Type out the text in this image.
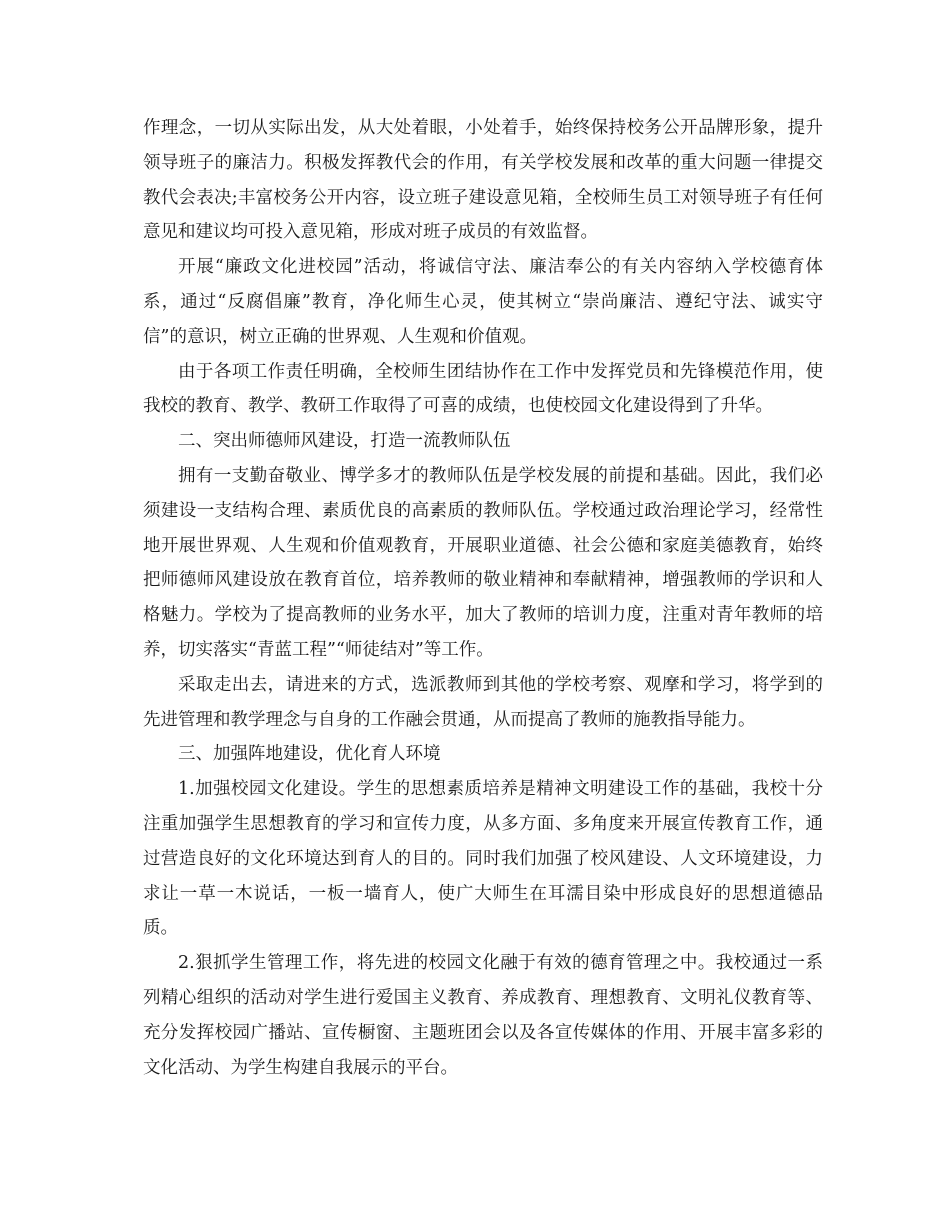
作理念，一切从实际出发，从大处着眼，小处着手，始终保持校务公开品牌形象，提升领导班子的廉洁力。积极发挥教代会的作用，有关学校发展和改革的重大问题一律提交教代会表决;丰富校务公开内容，设立班子建设意见箱，全校师生员工对领导班子有任何意见和建议均可投入意见箱，形成对班子成员的有效监督。

开展“廉政文化进校园”活动，将诚信守法、廉洁奉公的有关内容纳入学校德育体系，通过“反腐倡廉”教育，净化师生心灵，使其树立“崇尚廉洁、遵纪守法、诚实守信”的意识，树立正确的世界观、人生观和价值观。

由于各项工作责任明确，全校师生团结协作在工作中发挥党员和先锋模范作用，使我校的教育、教学、教研工作取得了可喜的成绩，也使校园文化建设得到了升华。

二、突出师德师风建设，打造一流教师队伍

拥有一支勤奋敬业、博学多才的教师队伍是学校发展的前提和基础。因此，我们必须建设一支结构合理、素质优良的高素质的教师队伍。学校通过政治理论学习，经常性地开展世界观、人生观和价值观教育，开展职业道德、社会公德和家庭美德教育，始终把师德师风建设放在教育首位，培养教师的敬业精神和奉献精神，增强教师的学识和人格魅力。学校为了提高教师的业务水平，加大了教师的培训力度，注重对青年教师的培养，切实落实“青蓝工程”“师徒结对”等工作。

采取走出去，请进来的方式，选派教师到其他的学校考察、观摩和学习，将学到的先进管理和教学理念与自身的工作融会贯通，从而提高了教师的施教指导能力。

三、加强阵地建设，优化育人环境

1.加强校园文化建设。学生的思想素质培养是精神文明建设工作的基础，我校十分注重加强学生思想教育的学习和宣传力度，从多方面、多角度来开展宣传教育工作，通过营造良好的文化环境达到育人的目的。同时我们加强了校风建设、人文环境建设，力求让一草一木说话，一板一墙育人，使广大师生在耳濡目染中形成良好的思想道德品质。

2.狠抓学生管理工作，将先进的校园文化融于有效的德育管理之中。我校通过一系列精心组织的活动对学生进行爱国主义教育、养成教育、理想教育、文明礼仪教育等、充分发挥校园广播站、宣传橱窗、主题班团会以及各宣传媒体的作用、开展丰富多彩的文化活动、为学生构建自我展示的平台。
